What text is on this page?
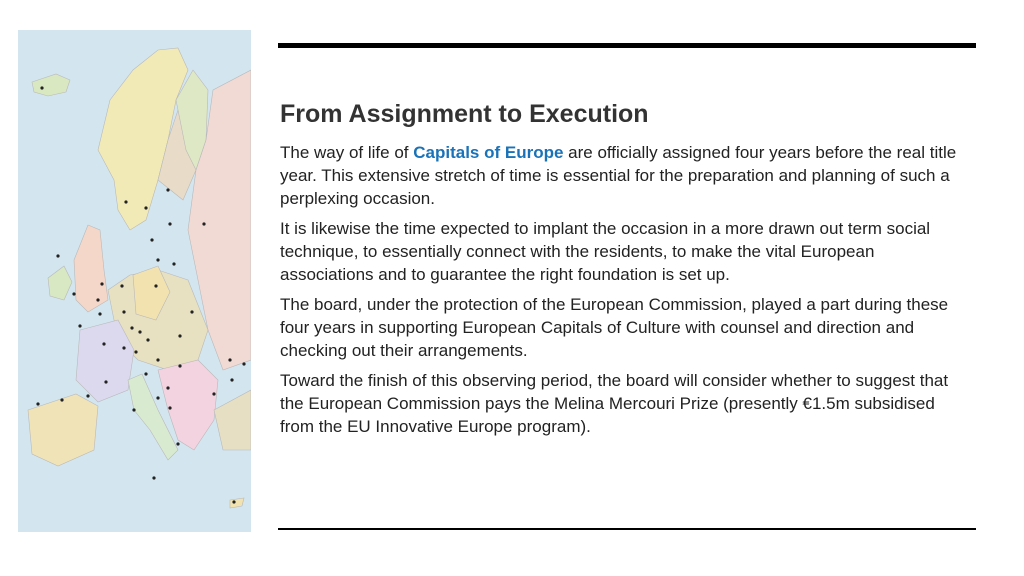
From Assignment to Execution

The way of life of Capitals of Europe are officially assigned four years before the real title year. This extensive stretch of time is essential for the preparation and planning of such a perplexing occasion.

It is likewise the time expected to implant the occasion in a more drawn out term social technique, to essentially connect with the residents, to make the vital European associations and to guarantee the right foundation is set up.

The board, under the protection of the European Commission, played a part during these four years in supporting European Capitals of Culture with counsel and direction and checking out their arrangements.

Toward the finish of this observing period, the board will consider whether to suggest that the European Commission pays the Melina Mercouri Prize (presently €1.5m subsidised from the EU Innovative Europe program).
